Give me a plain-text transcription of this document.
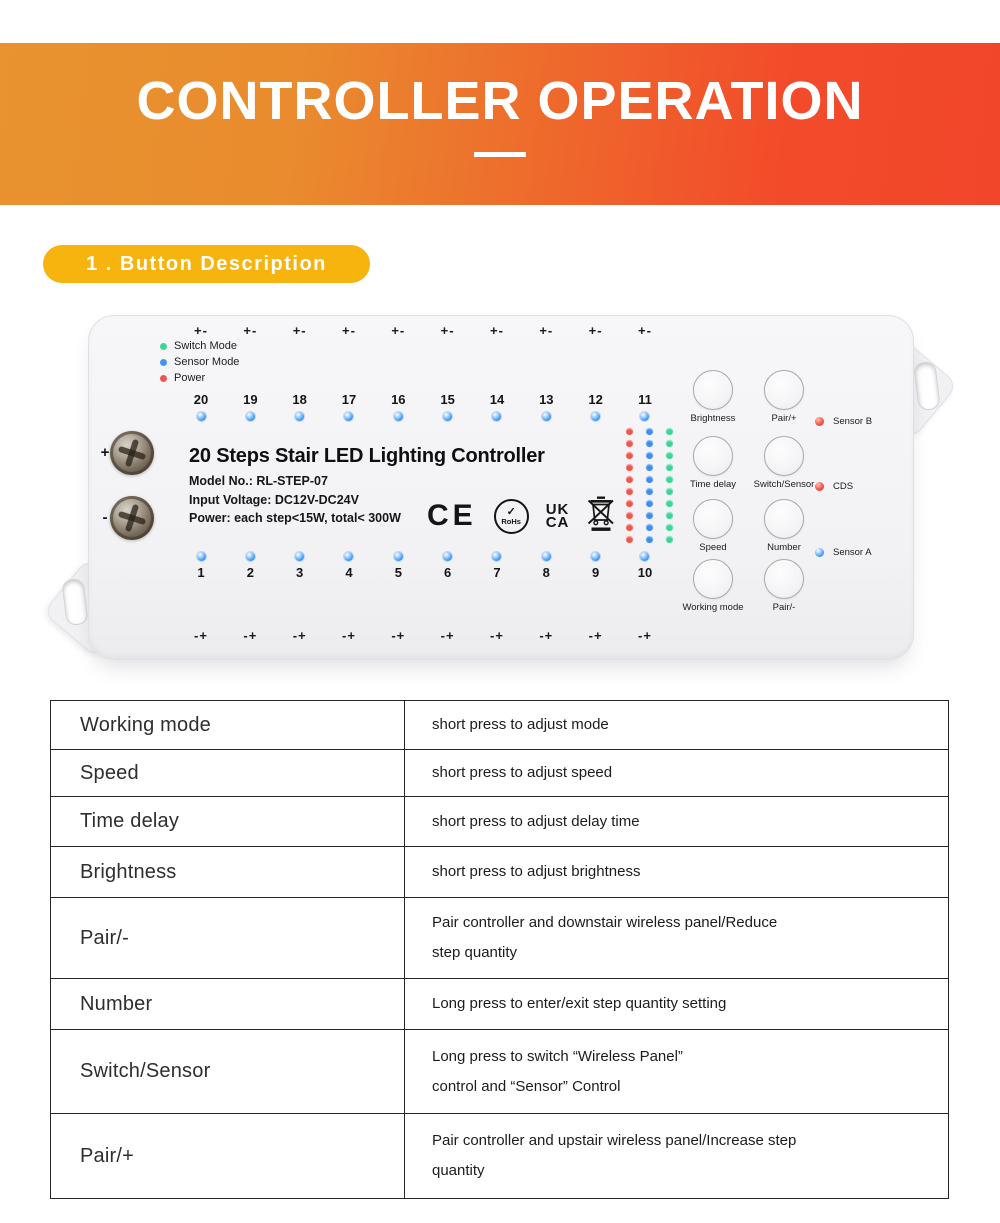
CONTROLLER OPERATION
1 . Button Description
+-	+-	+-	+-	+-	+-	+-	+-	+-	+-
Switch Mode
Sensor Mode
Power
20	19	18	17	16	15	14	13	12	11
20 Steps Stair LED Lighting Controller
Model No.: RL-STEP-07
Input Voltage: DC12V-DC24V
Power: each step<15W, total< 300W CE	✓
RoHs
UK
CA
Brightness	Pair/+
Time delay Switch/Sensor
Speed	Number
Working mode	Pair/-
Sensor B
CDS
Sensor A
1	2	3	4	5	6	7	8	9	10
-+	-+	-+	-+	-+	-+	-+	-+	-+	-+
+
-
Working mode	short press to adjust mode
Speed	short press to adjust speed
Time delay	short press to adjust delay time
Brightness	short press to adjust brightness
Pair/-
Pair controller and downstair wireless panel/Reduce
step quantity
Number	Long press to enter/exit step quantity setting
Switch/Sensor
Long press to switch “Wireless Panel”
control and “Sensor” Control
Pair/+
Pair controller and upstair wireless panel/Increase step
quantity
